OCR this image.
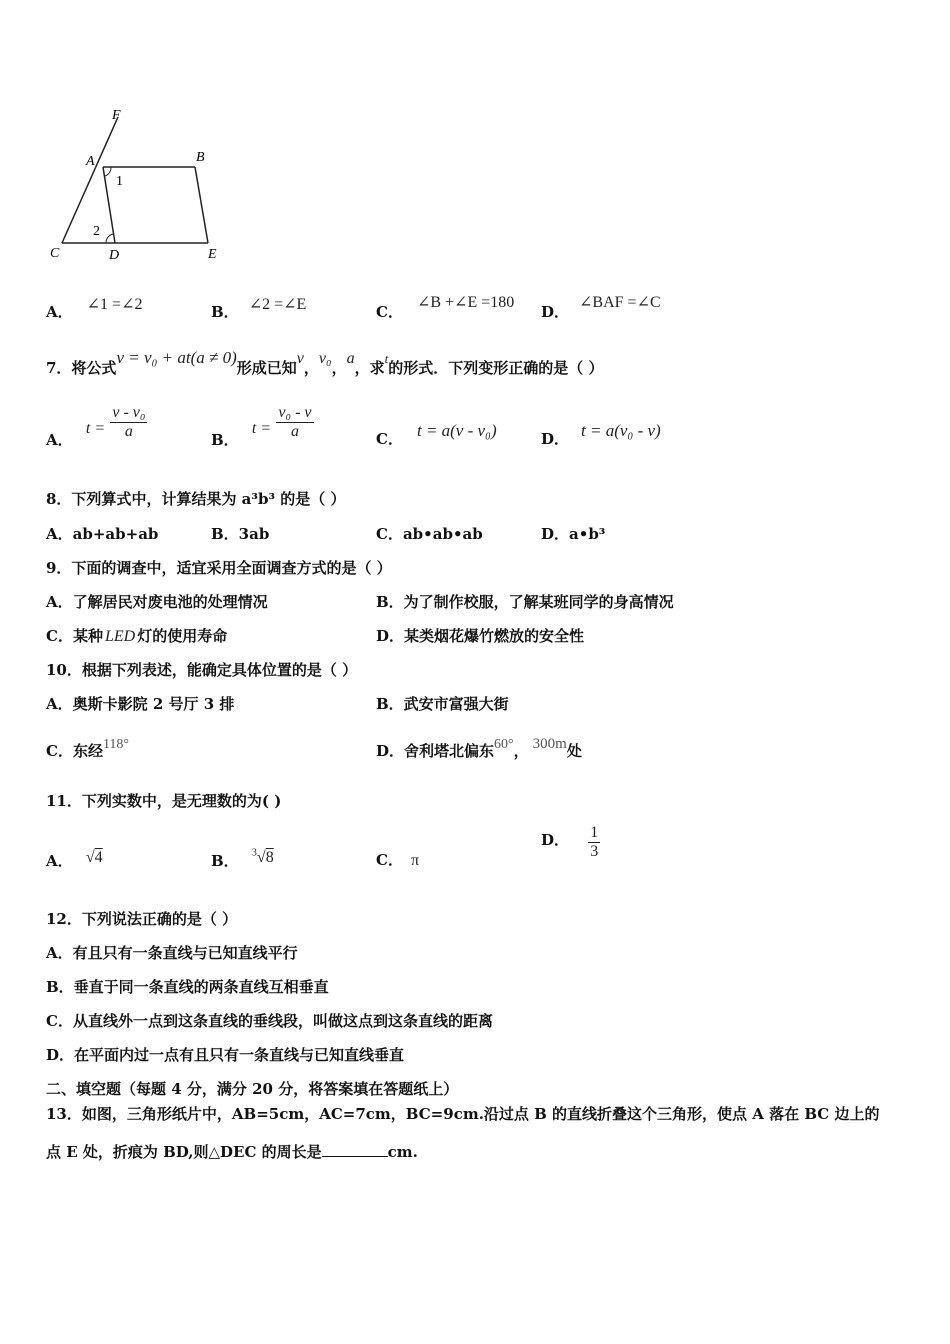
F
A	B
C	D	E
1
2
A． ∠1 =∠2	B． ∠2 =∠E	C．∠B +∠E =180
D．∠BAF =∠C
7．将公式v = v₀ + at(a ≠ 0)形成已知v，v₀，a，求t的形式．下列变形正确的是（ ）
A． $t = \frac{\text{v - v₀}}{a}$	B． $t = \frac{\text{v₀ - v}}{a}$	C． t = a(v - v₀)	D． t = a(v₀ - v)
8．下列算式中，计算结果为 a³b³ 的是（ ）
A．ab+ab+ab	B．3ab	C．ab•ab•ab	D．a•b³
9．下面的调查中，适宜采用全面调查方式的是（ ）
A．了解居民对废电池的处理情况	B．为了制作校服，了解某班同学的身高情况
C．某种 LED 灯的使用寿命	D．某类烟花爆竹燃放的安全性
10．根据下列表述，能确定具体位置的是（ ）
A．奥斯卡影院 2 号厅 3 排	B．武安市富强大街
C．东经118°	D．舍利塔北偏东60°， 300m处
11．下列实数中，是无理数的为( )
A． √4	B． $^3$√8	C． π
D． $\frac{1}{3}$
12．下列说法正确的是（ ）
A．有且只有一条直线与已知直线平行
B．垂直于同一条直线的两条直线互相垂直
C．从直线外一点到这条直线的垂线段，叫做这点到这条直线的距离
D．在平面内过一点有且只有一条直线与已知直线垂直
二、填空题（每题 4 分，满分 20 分，将答案填在答题纸上）
13．如图，三角形纸片中，AB=5cm，AC=7cm，BC=9cm.沿过点 B 的直线折叠这个三角形，使点 A 落在 BC 边上的
点 E 处，折痕为 BD,则△DEC 的周长是	cm.
